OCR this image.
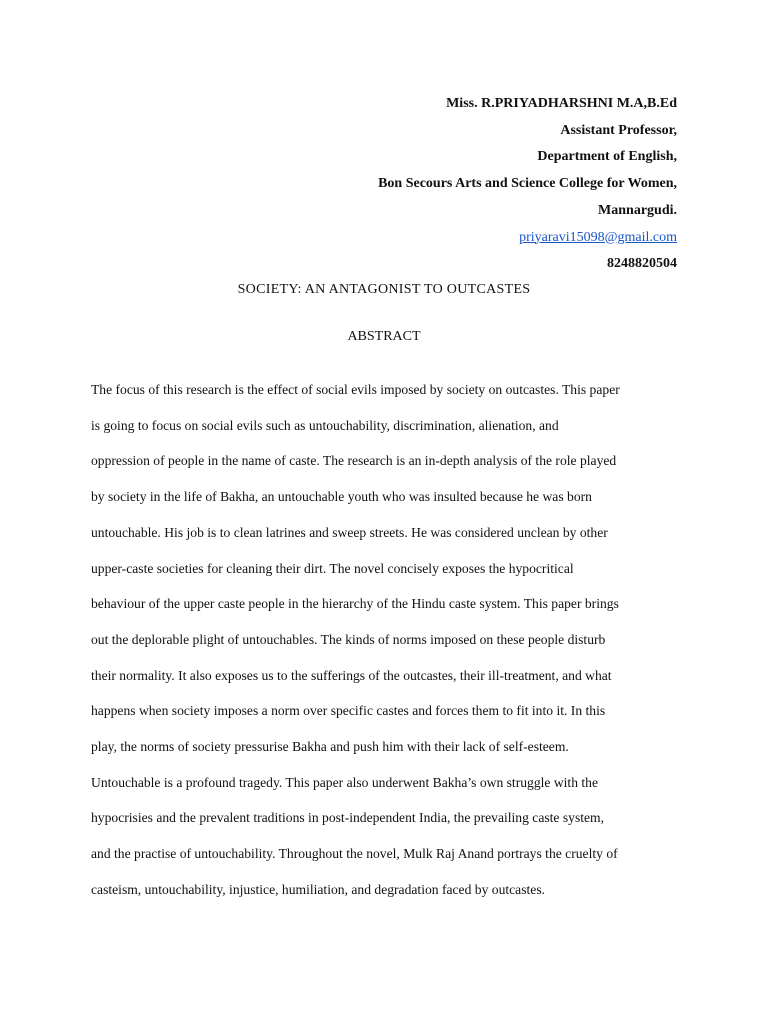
Miss. R.PRIYADHARSHNI M.A,B.Ed
Assistant Professor,
Department of English,
Bon Secours Arts and Science College for Women,
Mannargudi.
priyaravi15098@gmail.com
8248820504
SOCIETY: AN ANTAGONIST TO OUTCASTES
ABSTRACT
The focus of this research is the effect of social evils imposed by society on outcastes. This paper
is going to focus on social evils such as untouchability, discrimination, alienation, and
oppression of people in the name of caste. The research is an in-depth analysis of the role played
by society in the life of Bakha, an untouchable youth who was insulted because he was born
untouchable. His job is to clean latrines and sweep streets. He was considered unclean by other
upper-caste societies for cleaning their dirt. The novel concisely exposes the hypocritical
behaviour of the upper caste people in the hierarchy of the Hindu caste system. This paper brings
out the deplorable plight of untouchables. The kinds of norms imposed on these people disturb
their normality. It also exposes us to the sufferings of the outcastes, their ill-treatment, and what
happens when society imposes a norm over specific castes and forces them to fit into it. In this
play, the norms of society pressurise Bakha and push him with their lack of self-esteem.
Untouchable is a profound tragedy. This paper also underwent Bakha’s own struggle with the
hypocrisies and the prevalent traditions in post-independent India, the prevailing caste system,
and the practise of untouchability. Throughout the novel, Mulk Raj Anand portrays the cruelty of
casteism, untouchability, injustice, humiliation, and degradation faced by outcastes.
